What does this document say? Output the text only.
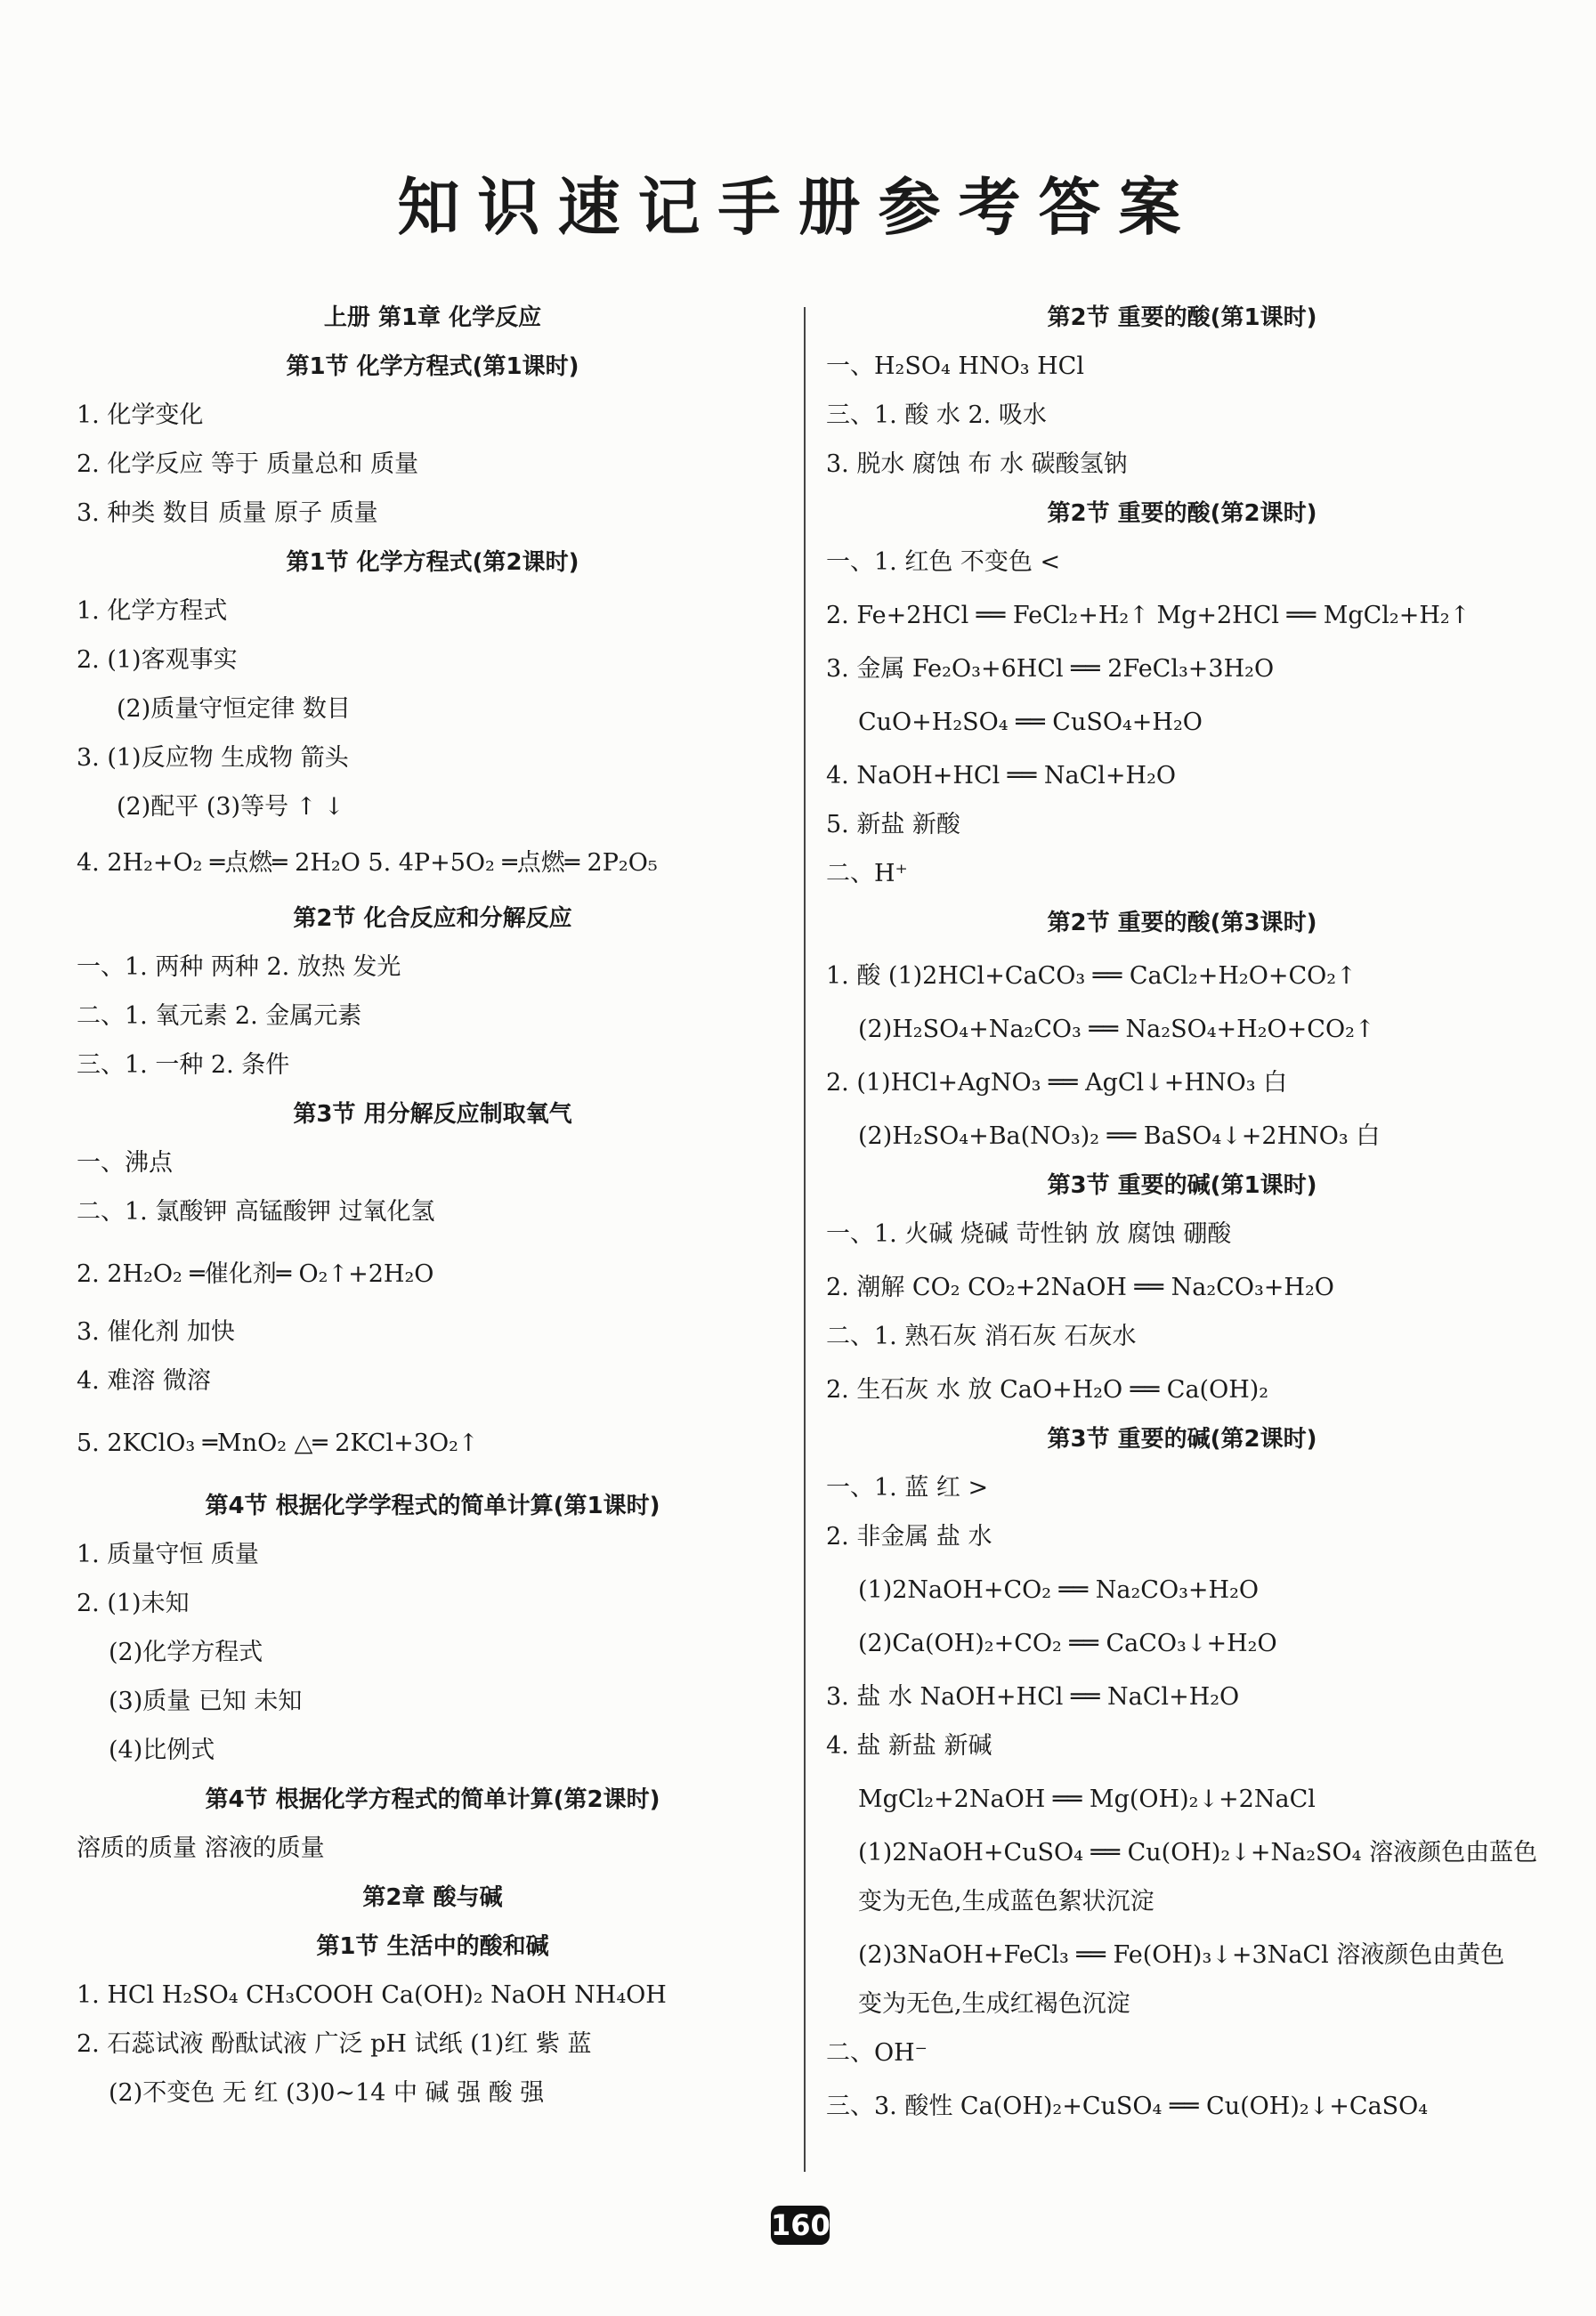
知识速记手册参考答案
上册 第1章 化学反应
第1节 化学方程式(第1课时)
1. 化学变化
2. 化学反应 等于 质量总和 质量
3. 种类 数目 质量 原子 质量
第1节 化学方程式(第2课时)
1. 化学方程式
2. (1)客观事实
(2)质量守恒定律 数目
3. (1)反应物 生成物 箭头
(2)配平 (3)等号 ↑ ↓
4. 2H₂+O₂ ═点燃═ 2H₂O 5. 4P+5O₂ ═点燃═ 2P₂O₅
第2节 化合反应和分解反应
一、1. 两种 两种 2. 放热 发光
二、1. 氧元素 2. 金属元素
三、1. 一种 2. 条件
第3节 用分解反应制取氧气
一、沸点
二、1. 氯酸钾 高锰酸钾 过氧化氢
2. 2H₂O₂ ═催化剂═ O₂↑+2H₂O
3. 催化剂 加快
4. 难溶 微溶
5. 2KClO₃ ═MnO₂ △═ 2KCl+3O₂↑
第4节 根据化学学程式的简单计算(第1课时)
1. 质量守恒 质量
2. (1)未知
(2)化学方程式
(3)质量 已知 未知
(4)比例式
第4节 根据化学方程式的简单计算(第2课时)
溶质的质量 溶液的质量
第2章 酸与碱
第1节 生活中的酸和碱
1. HCl H₂SO₄ CH₃COOH Ca(OH)₂ NaOH NH₄OH
2. 石蕊试液 酚酞试液 广泛 pH 试纸 (1)红 紫 蓝
(2)不变色 无 红 (3)0~14 中 碱 强 酸 强
第2节 重要的酸(第1课时)
一、H₂SO₄ HNO₃ HCl
三、1. 酸 水 2. 吸水
3. 脱水 腐蚀 布 水 碳酸氢钠
第2节 重要的酸(第2课时)
一、1. 红色 不变色 <
2. Fe+2HCl ══ FeCl₂+H₂↑ Mg+2HCl ══ MgCl₂+H₂↑
3. 金属 Fe₂O₃+6HCl ══ 2FeCl₃+3H₂O
CuO+H₂SO₄ ══ CuSO₄+H₂O
4. NaOH+HCl ══ NaCl+H₂O
5. 新盐 新酸
二、H⁺
第2节 重要的酸(第3课时)
1. 酸 (1)2HCl+CaCO₃ ══ CaCl₂+H₂O+CO₂↑
(2)H₂SO₄+Na₂CO₃ ══ Na₂SO₄+H₂O+CO₂↑
2. (1)HCl+AgNO₃ ══ AgCl↓+HNO₃ 白
(2)H₂SO₄+Ba(NO₃)₂ ══ BaSO₄↓+2HNO₃ 白
第3节 重要的碱(第1课时)
一、1. 火碱 烧碱 苛性钠 放 腐蚀 硼酸
2. 潮解 CO₂ CO₂+2NaOH ══ Na₂CO₃+H₂O
二、1. 熟石灰 消石灰 石灰水
2. 生石灰 水 放 CaO+H₂O ══ Ca(OH)₂
第3节 重要的碱(第2课时)
一、1. 蓝 红 >
2. 非金属 盐 水
(1)2NaOH+CO₂ ══ Na₂CO₃+H₂O
(2)Ca(OH)₂+CO₂ ══ CaCO₃↓+H₂O
3. 盐 水 NaOH+HCl ══ NaCl+H₂O
4. 盐 新盐 新碱
MgCl₂+2NaOH ══ Mg(OH)₂↓+2NaCl
(1)2NaOH+CuSO₄ ══ Cu(OH)₂↓+Na₂SO₄ 溶液颜色由蓝色
变为无色,生成蓝色絮状沉淀
(2)3NaOH+FeCl₃ ══ Fe(OH)₃↓+3NaCl 溶液颜色由黄色
变为无色,生成红褐色沉淀
二、OH⁻
三、3. 酸性 Ca(OH)₂+CuSO₄ ══ Cu(OH)₂↓+CaSO₄
160
